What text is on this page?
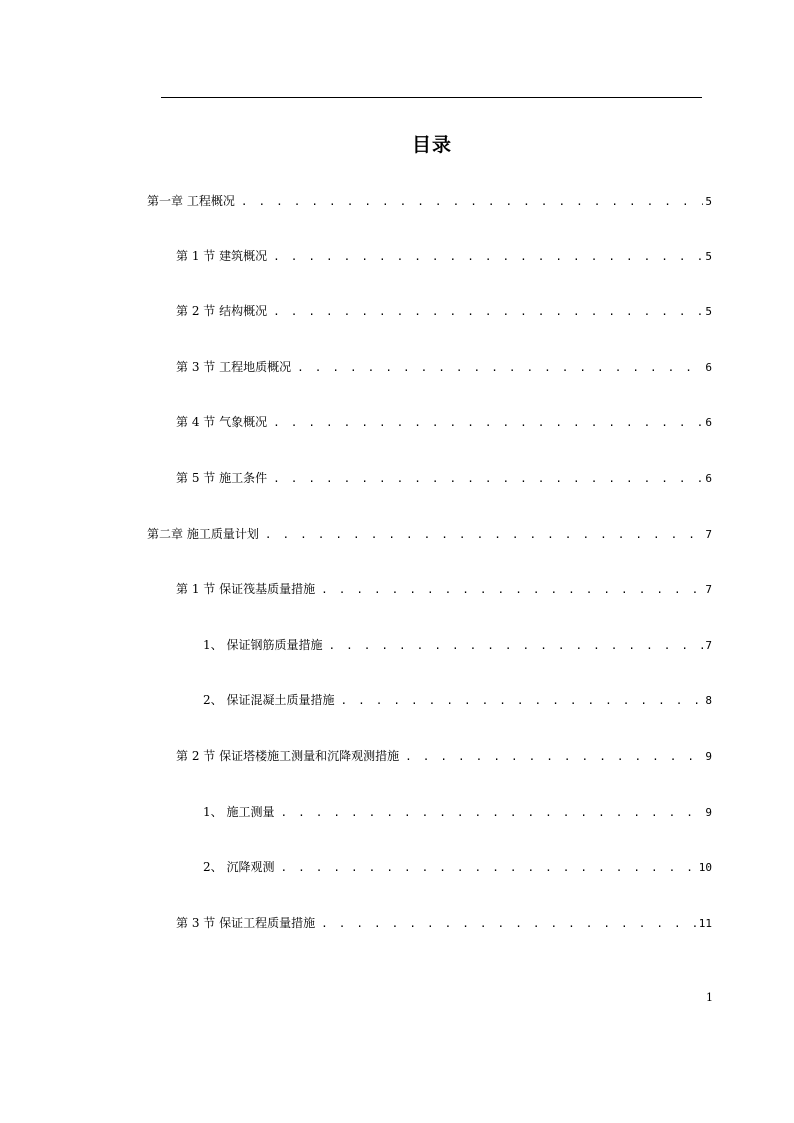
目录
第一章 工程概况 . . .	5
第 1 节 建筑概况 . . .	5
第 2 节 结构概况 . . .	5
第 3 节 工程地质概况 . . .	6
第 4 节 气象概况 . . .	6
第 5 节 施工条件 . . .	6
第二章 施工质量计划 . . .	7
第 1 节 保证筏基质量措施 . . .	7
1、 保证钢筋质量措施 . . .	7
2、 保证混凝土质量措施 . . .	8
第 2 节 保证塔楼施工测量和沉降观测措施 . . .	9
1、 施工测量 . . .	9
2、 沉降观测 . . .	10
第 3 节 保证工程质量措施 . . .	11
1
